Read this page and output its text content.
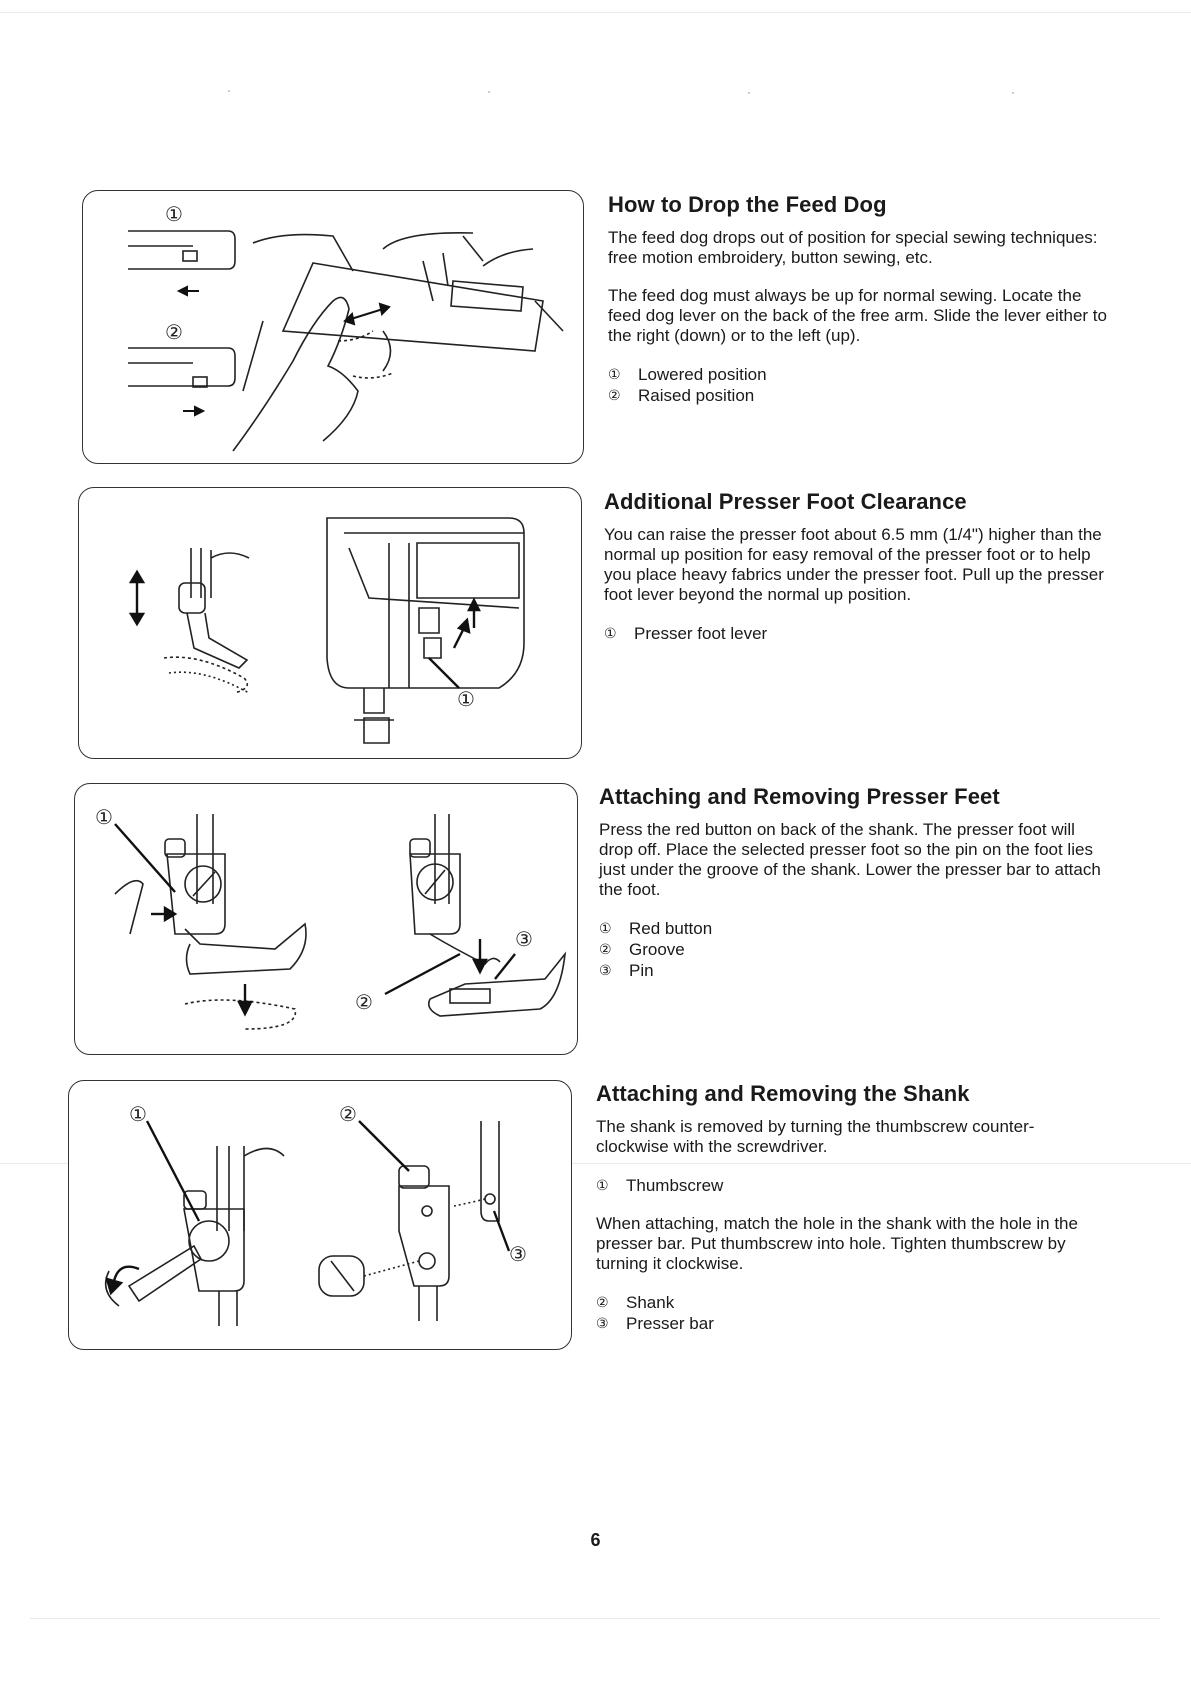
①
②
How to Drop the Feed Dog

The feed dog drops out of position for special sewing techniques: free motion embroidery, button sewing, etc.

The feed dog must always be up for normal sewing. Locate the feed dog lever on the back of the free arm. Slide the lever either to the right (down) or to the left (up).

①	Lowered position
②	Raised position
①
Additional Presser Foot Clearance

You can raise the presser foot about 6.5 mm (1/4") higher than the normal up position for easy removal of the presser foot or to help you place heavy fabrics under the presser foot. Pull up the presser foot lever beyond the normal up position.

①	Presser foot lever
①
②
③
Attaching and Removing Presser Feet

Press the red button on back of the shank. The presser foot will drop off. Place the selected presser foot so the pin on the foot lies just under the groove of the shank. Lower the presser bar to attach the foot.

①	Red button
②	Groove
③	Pin
①	②
③
Attaching and Removing the Shank

The shank is removed by turning the thumbscrew counter-clockwise with the screwdriver.

①	Thumbscrew

When attaching, match the hole in the shank with the hole in the presser bar. Put thumbscrew into hole. Tighten thumbscrew by turning it clockwise.

②	Shank
③	Presser bar
6
